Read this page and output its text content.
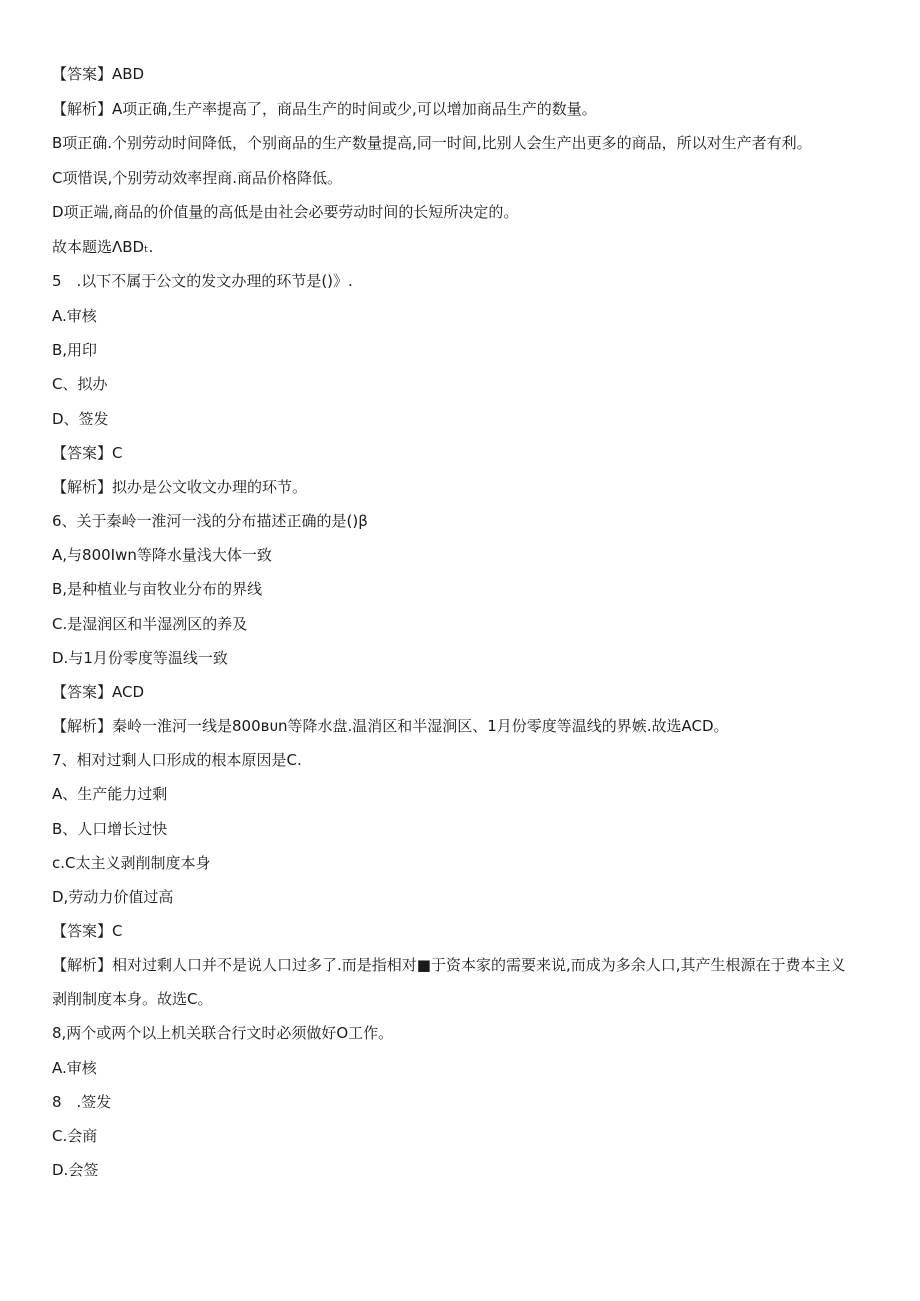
【答案】ABD
【解析】A项正确,生产率提高了，商品生产的时间或少,可以增加商品生产的数量。
B项正确.个别劳动时间降低，个别商品的生产数量提高,同一时间,比别人会生产出更多的商品，所以对生产者有利。
C项惜误,个别劳动效率捏商.商品价格降低。
D项正端,商品的价值量的高低是由社会必要劳动时间的长短所决定的。
故本题选ΛBDₜ.
5　.以下不属于公文的发文办理的环节是()》.
A.审核
B,用印
C、拟办
D、签发
【答案】C
【解析】拟办是公文收文办理的环节。
6、关于秦岭一淮河一浅的分布描述正确的是()β
A,与800Iwn等降水量浅大体一致
B,是种植业与亩牧业分布的界线
C.是湿润区和半湿冽区的养及
D.与1月份零度等温线一致
【答案】ACD
【解析】秦岭一淮河一线是800ʙᴜn等降水盘.温消区和半湿涧区、1月份零度等温线的界嫉.故选ACD。
7、相对过剩人口形成的根本原因是C.
A、生产能力过剩
B、人口增长过快
c.C太主义剥削制度本身
D,劳动力价值过高
【答案】C
【解析】相对过剩人口并不是说人口过多了.而是指相对■于资本家的需要来说,而成为多余人口,其产生根源在于费本主义
剥削制度本身。故选C。
8,两个或两个以上机关联合行文时必须做好O工作。
A.审核
8　.签发
C.会商
D.会签
